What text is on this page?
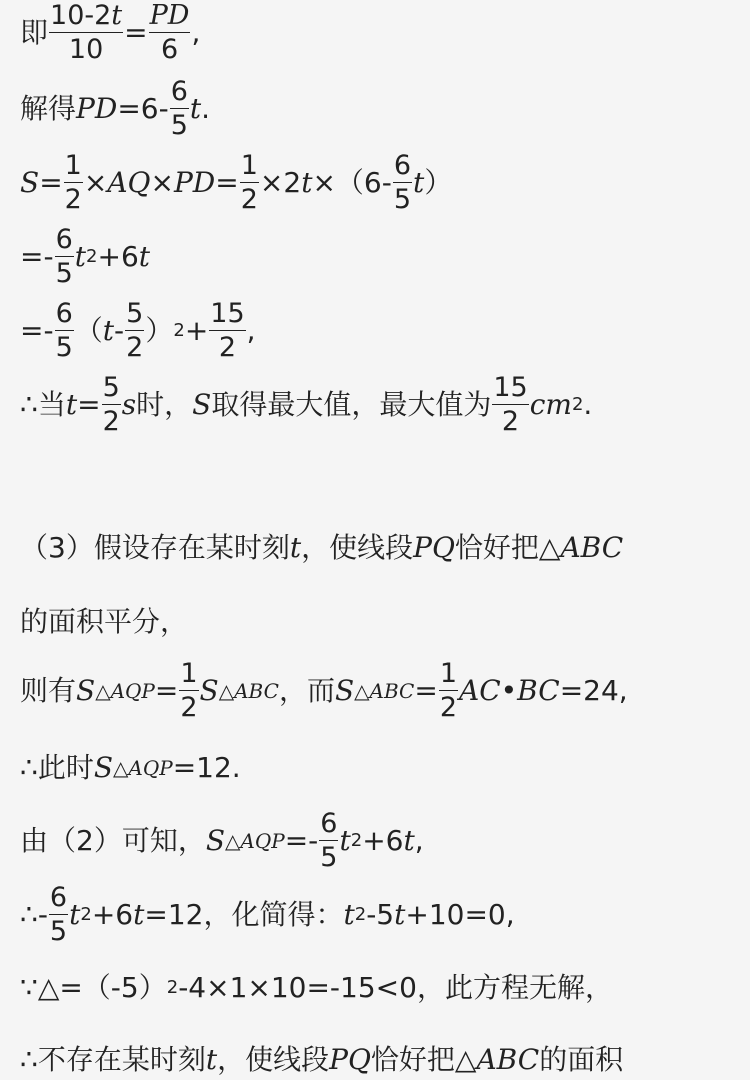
即 $\frac{10-2t}{10} = \frac{PD}{6}$ ,
解得 PD $=6- \frac{6}{5}$ t .
$S = \frac{1}{2}$ × AQ × PD = $\frac{1}{2} \times 2$ $t \times(6- \frac{6}{5}$ t ）
=- $\frac{6}{5}$ t 2 +6 t
=- $\frac{6}{5}$ （ t - $\frac{5}{2}$ ） $2 + \frac{15}{2}$ ,
∴当 $t = \frac{5}{2}$ s 时， S 取得最大值，最大值为 $\frac{15}{2}$ cm 2 .
（3）假设存在某时刻 t ，使线段 PQ 恰好把△ ABC
的面积平分，
则有 S △AQP = $\frac{1}{2}$ S △ABC ，而 S △ABC = $\frac{1}{2}$ AC • BC =24,
∴此时 S △AQP =12.
由（2）可知， S △AQP =- $\frac{6}{5}$ t 2 +6 t ,
∴- $\frac{6}{5}$ t 2 +6 t =12，化简得： t 2 -5 t +10=0,
∵△=（-5） 2 -4×1×10=-15<0，此方程无解，
∴不存在某时刻 t ，使线段 PQ 恰好把△ ABC 的面积
